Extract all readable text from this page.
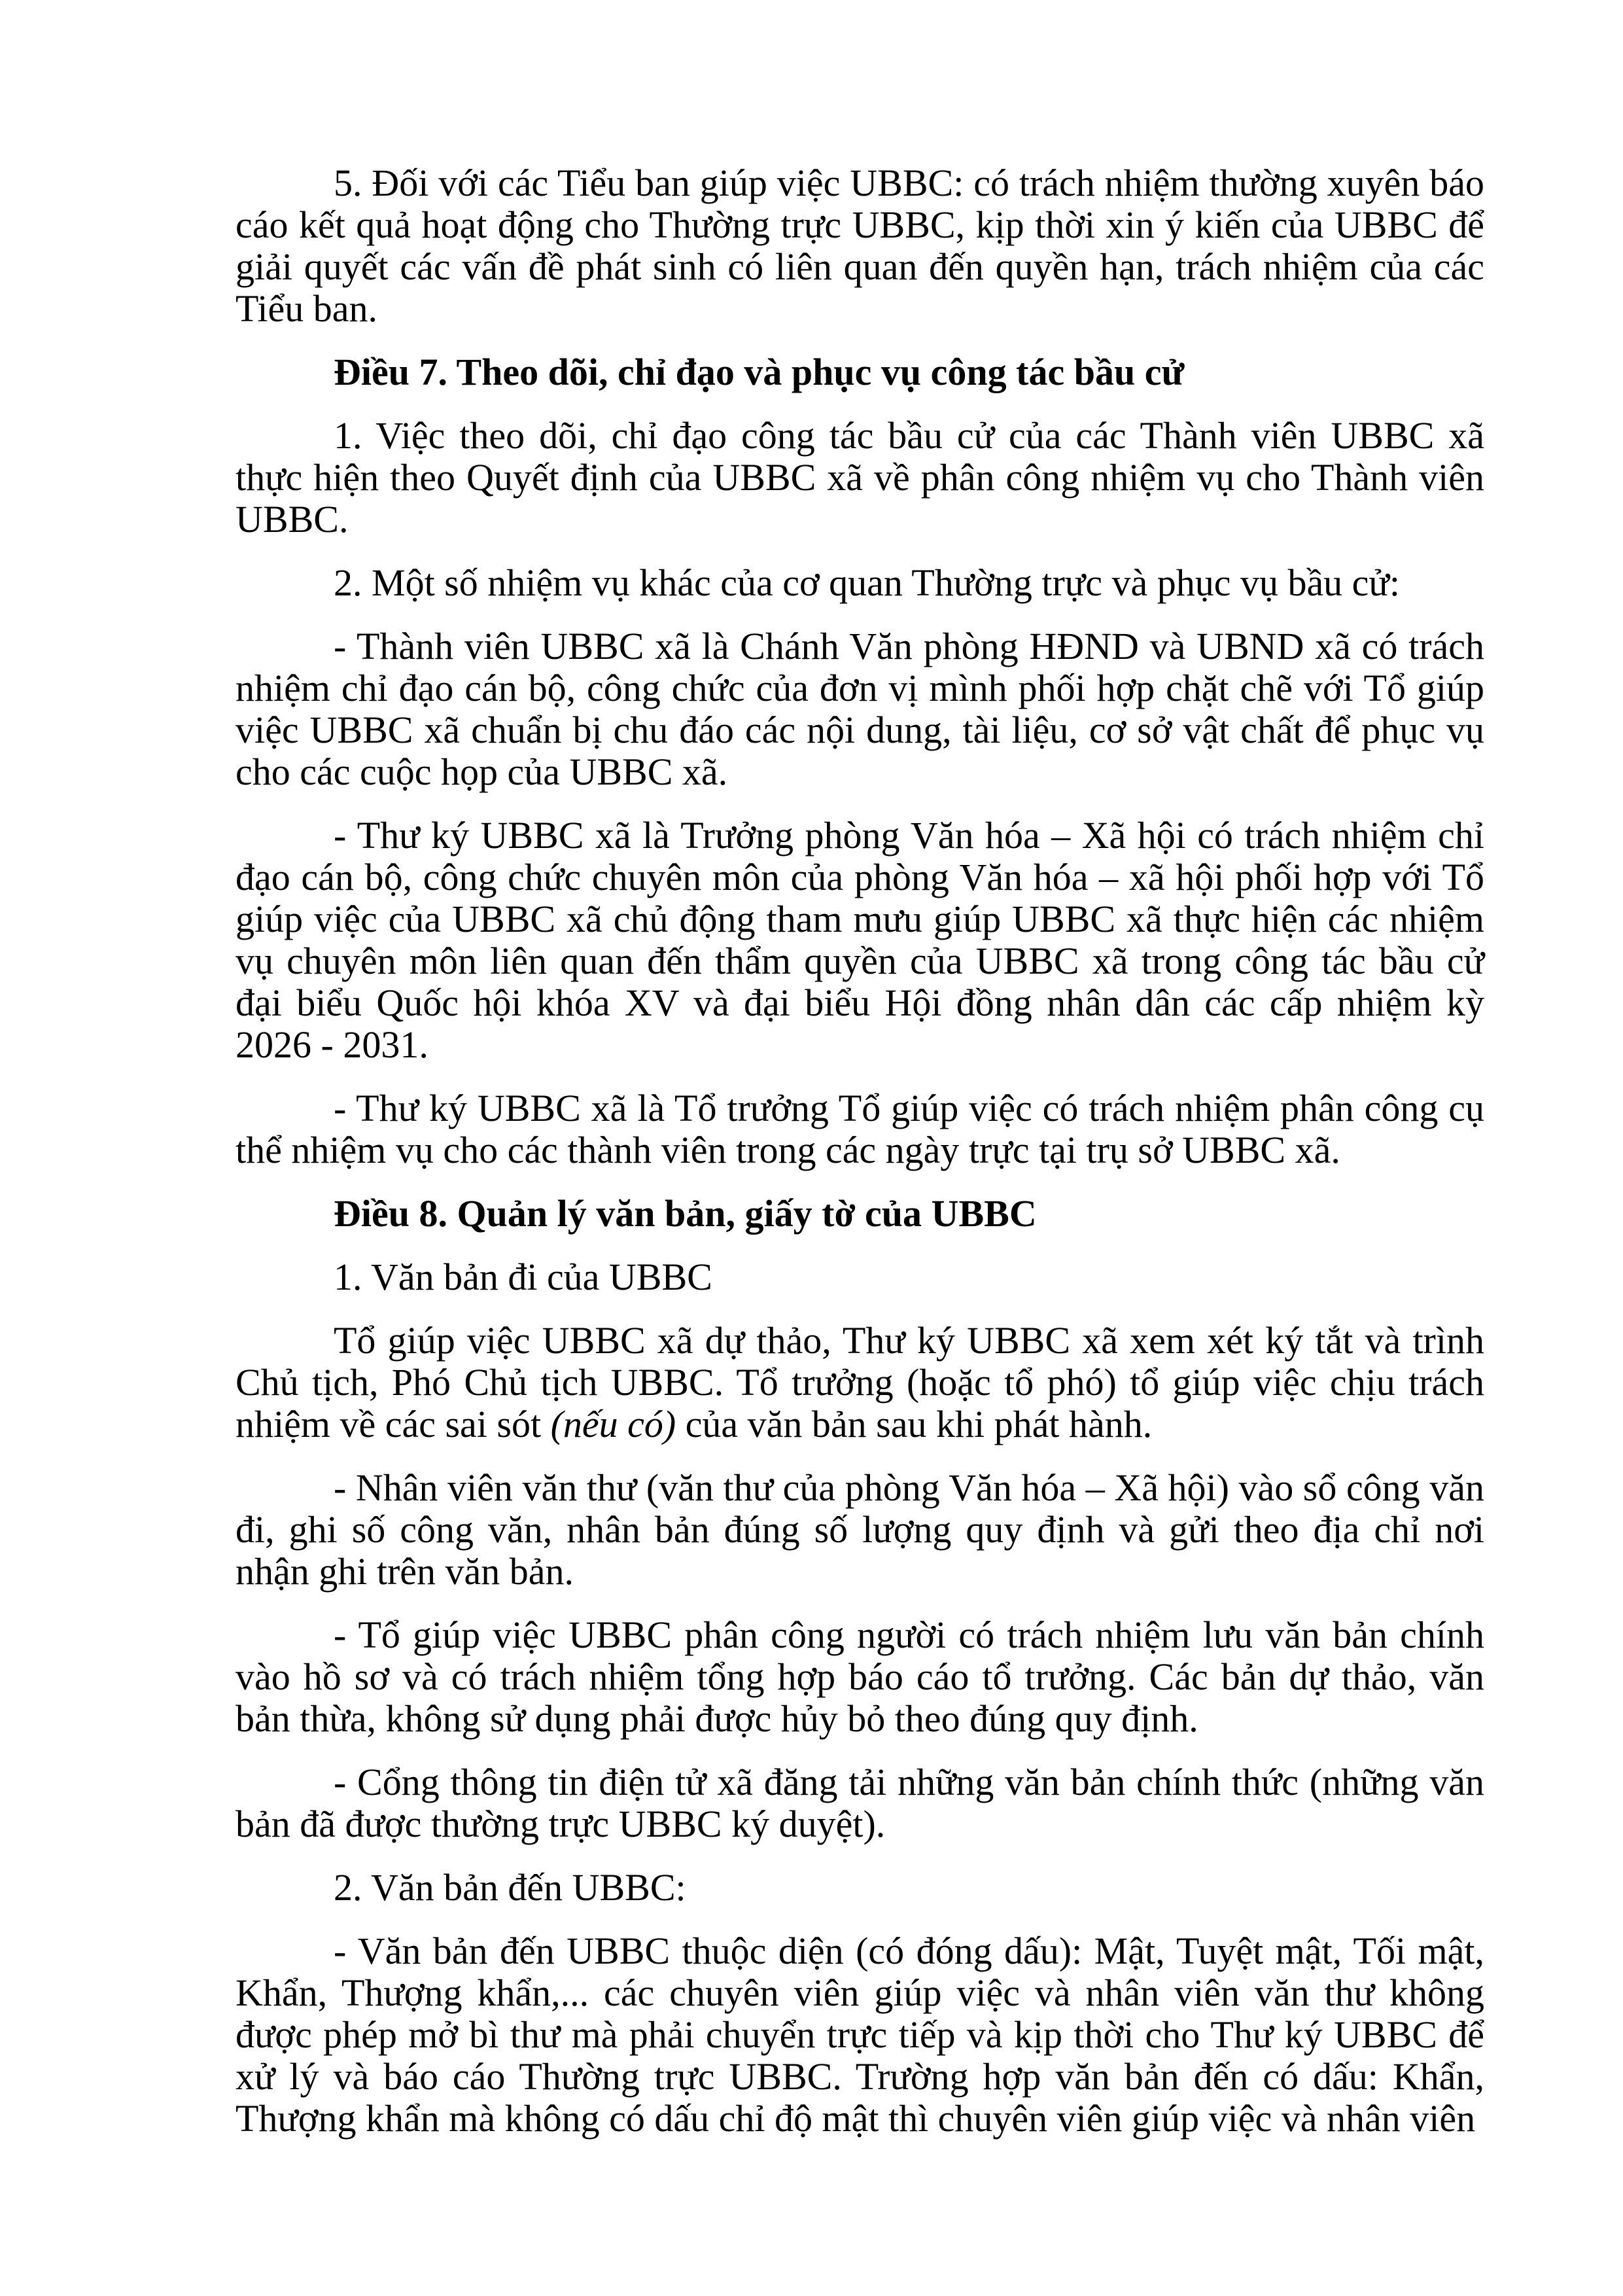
5. Đối với các Tiểu ban giúp việc UBBC: có trách nhiệm thường xuyên báo cáo kết quả hoạt động cho Thường trực UBBC, kịp thời xin ý kiến của UBBC để giải quyết các vấn đề phát sinh có liên quan đến quyền hạn, trách nhiệm của các Tiểu ban.

Điều 7. Theo dõi, chỉ đạo và phục vụ công tác bầu cử

1. Việc theo dõi, chỉ đạo công tác bầu cử của các Thành viên UBBC xã thực hiện theo Quyết định của UBBC xã về phân công nhiệm vụ cho Thành viên UBBC.

2. Một số nhiệm vụ khác của cơ quan Thường trực và phục vụ bầu cử:

- Thành viên UBBC xã là Chánh Văn phòng HĐND và UBND xã có trách nhiệm chỉ đạo cán bộ, công chức của đơn vị mình phối hợp chặt chẽ với Tổ giúp việc UBBC xã chuẩn bị chu đáo các nội dung, tài liệu, cơ sở vật chất để phục vụ cho các cuộc họp của UBBC xã.

- Thư ký UBBC xã là Trưởng phòng Văn hóa – Xã hội có trách nhiệm chỉ đạo cán bộ, công chức chuyên môn của phòng Văn hóa – xã hội phối hợp với Tổ giúp việc của UBBC xã chủ động tham mưu giúp UBBC xã thực hiện các nhiệm vụ chuyên môn liên quan đến thẩm quyền của UBBC xã trong công tác bầu cử đại biểu Quốc hội khóa XV và đại biểu Hội đồng nhân dân các cấp nhiệm kỳ 2026 - 2031.

- Thư ký UBBC xã là Tổ trưởng Tổ giúp việc có trách nhiệm phân công cụ thể nhiệm vụ cho các thành viên trong các ngày trực tại trụ sở UBBC xã.

Điều 8. Quản lý văn bản, giấy tờ của UBBC

1. Văn bản đi của UBBC

Tổ giúp việc UBBC xã dự thảo, Thư ký UBBC xã xem xét ký tắt và trình Chủ tịch, Phó Chủ tịch UBBC. Tổ trưởng (hoặc tổ phó) tổ giúp việc chịu trách nhiệm về các sai sót (nếu có) của văn bản sau khi phát hành.

- Nhân viên văn thư (văn thư của phòng Văn hóa – Xã hội) vào sổ công văn đi, ghi số công văn, nhân bản đúng số lượng quy định và gửi theo địa chỉ nơi nhận ghi trên văn bản.

- Tổ giúp việc UBBC phân công người có trách nhiệm lưu văn bản chính vào hồ sơ và có trách nhiệm tổng hợp báo cáo tổ trưởng. Các bản dự thảo, văn bản thừa, không sử dụng phải được hủy bỏ theo đúng quy định.

- Cổng thông tin điện tử xã đăng tải những văn bản chính thức (những văn bản đã được thường trực UBBC ký duyệt).

2. Văn bản đến UBBC:

- Văn bản đến UBBC thuộc diện (có đóng dấu): Mật, Tuyệt mật, Tối mật, Khẩn, Thượng khẩn,... các chuyên viên giúp việc và nhân viên văn thư không được phép mở bì thư mà phải chuyển trực tiếp và kịp thời cho Thư ký UBBC để xử lý và báo cáo Thường trực UBBC. Trường hợp văn bản đến có dấu: Khẩn, Thượng khẩn mà không có dấu chỉ độ mật thì chuyên viên giúp việc và nhân viên
